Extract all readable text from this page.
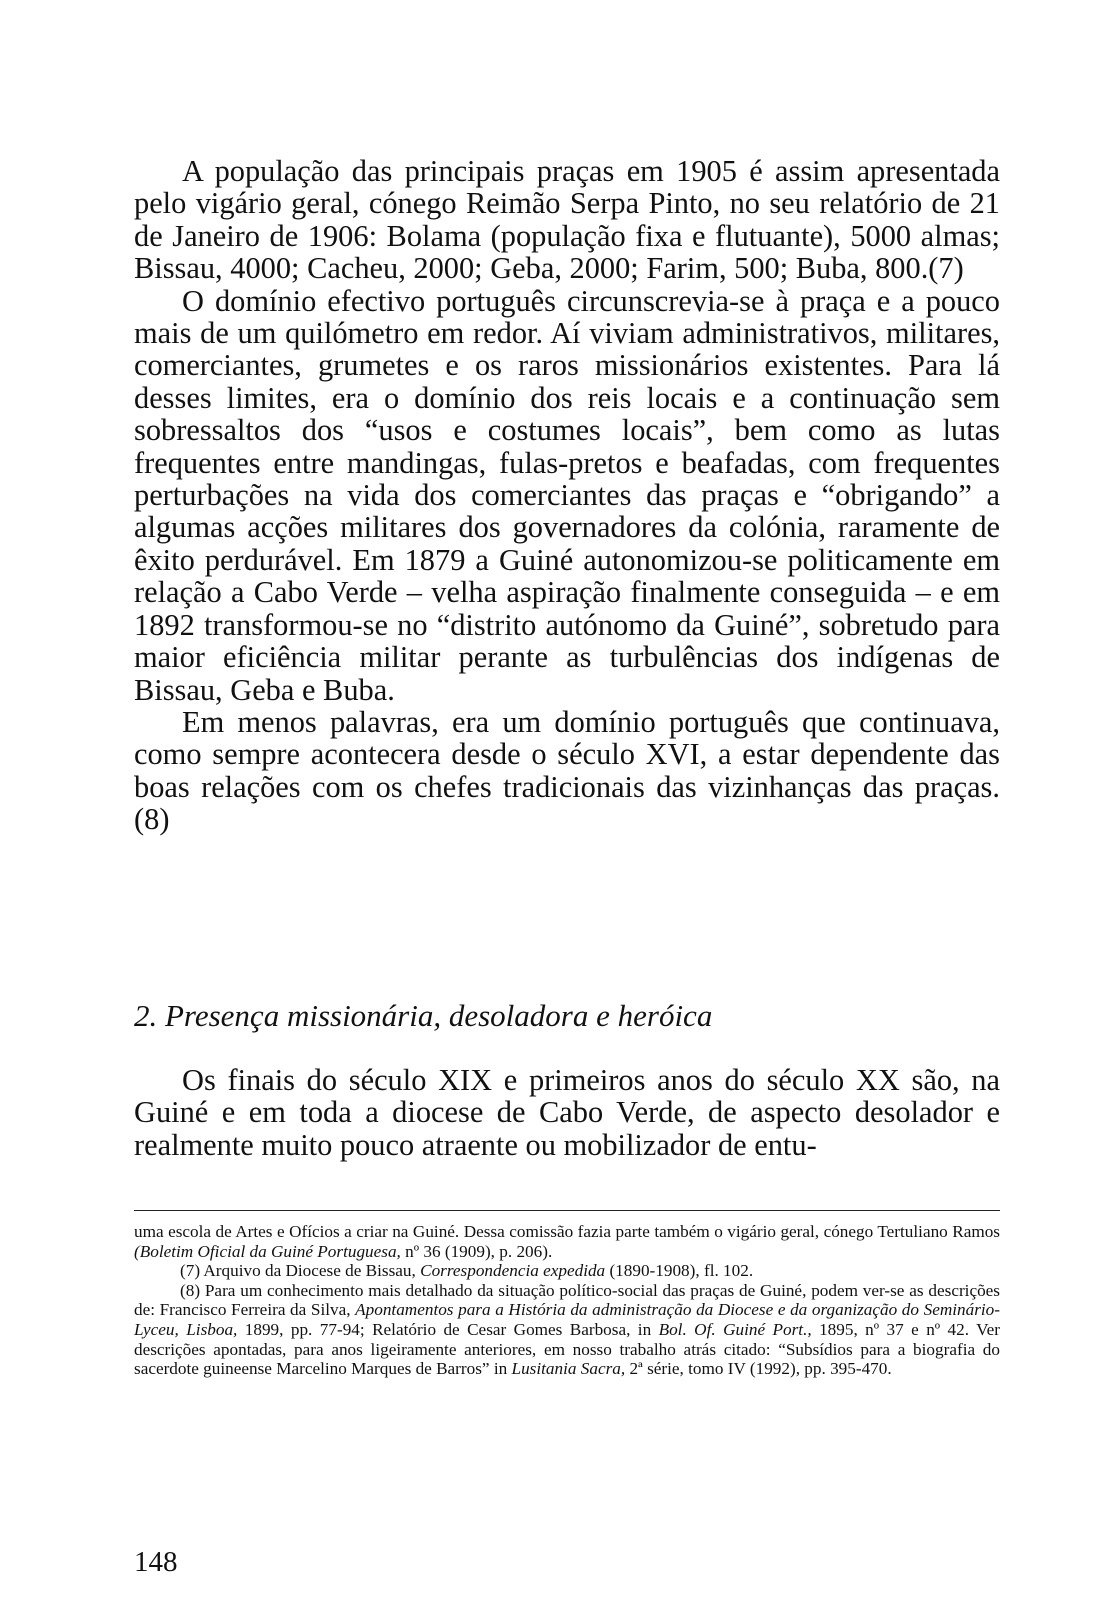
A população das principais praças em 1905 é assim apresentada pelo vigário geral, cónego Reimão Serpa Pinto, no seu relatório de 21 de Janeiro de 1906: Bolama (população fixa e flutuante), 5000 almas; Bissau, 4000; Cacheu, 2000; Geba, 2000; Farim, 500; Buba, 800.(7)

O domínio efectivo português circunscrevia-se à praça e a pouco mais de um quilómetro em redor. Aí viviam administrativos, militares, comerciantes, grumetes e os raros missionários existentes. Para lá desses limites, era o domínio dos reis locais e a continuação sem sobressaltos dos “usos e costumes locais”, bem como as lutas frequentes entre mandingas, fulas-pretos e beafadas, com frequentes perturbações na vida dos comerciantes das praças e “obrigando” a algumas acções militares dos governadores da colónia, raramente de êxito perdurável. Em 1879 a Guiné autonomizou-se politicamente em relação a Cabo Verde – velha aspiração finalmente conseguida – e em 1892 transformou-se no “distrito autónomo da Guiné”, sobretudo para maior eficiência militar perante as turbulências dos indígenas de Bissau, Geba e Buba.

Em menos palavras, era um domínio português que continuava, como sempre acontecera desde o século XVI, a estar dependente das boas relações com os chefes tradicionais das vizinhanças das praças.(8)

2. Presença missionária, desoladora e heróica

Os finais do século XIX e primeiros anos do século XX são, na Guiné e em toda a diocese de Cabo Verde, de aspecto desolador e realmente muito pouco atraente ou mobilizador de entu-

uma escola de Artes e Ofícios a criar na Guiné. Dessa comissão fazia parte também o vigário geral, cónego Tertuliano Ramos (Boletim Oficial da Guiné Portuguesa, nº 36 (1909), p. 206).

(7) Arquivo da Diocese de Bissau, Correspondencia expedida (1890-1908), fl. 102.

(8) Para um conhecimento mais detalhado da situação político-social das praças de Guiné, podem ver-se as descrições de: Francisco Ferreira da Silva, Apontamentos para a História da administração da Diocese e da organização do Seminário-Lyceu, Lisboa, 1899, pp. 77-94; Relatório de Cesar Gomes Barbosa, in Bol. Of. Guiné Port., 1895, nº 37 e nº 42. Ver descrições apontadas, para anos ligeiramente anteriores, em nosso trabalho atrás citado: “Subsídios para a biografia do sacerdote guineense Marcelino Marques de Barros” in Lusitania Sacra, 2ª série, tomo IV (1992), pp. 395-470.

148
